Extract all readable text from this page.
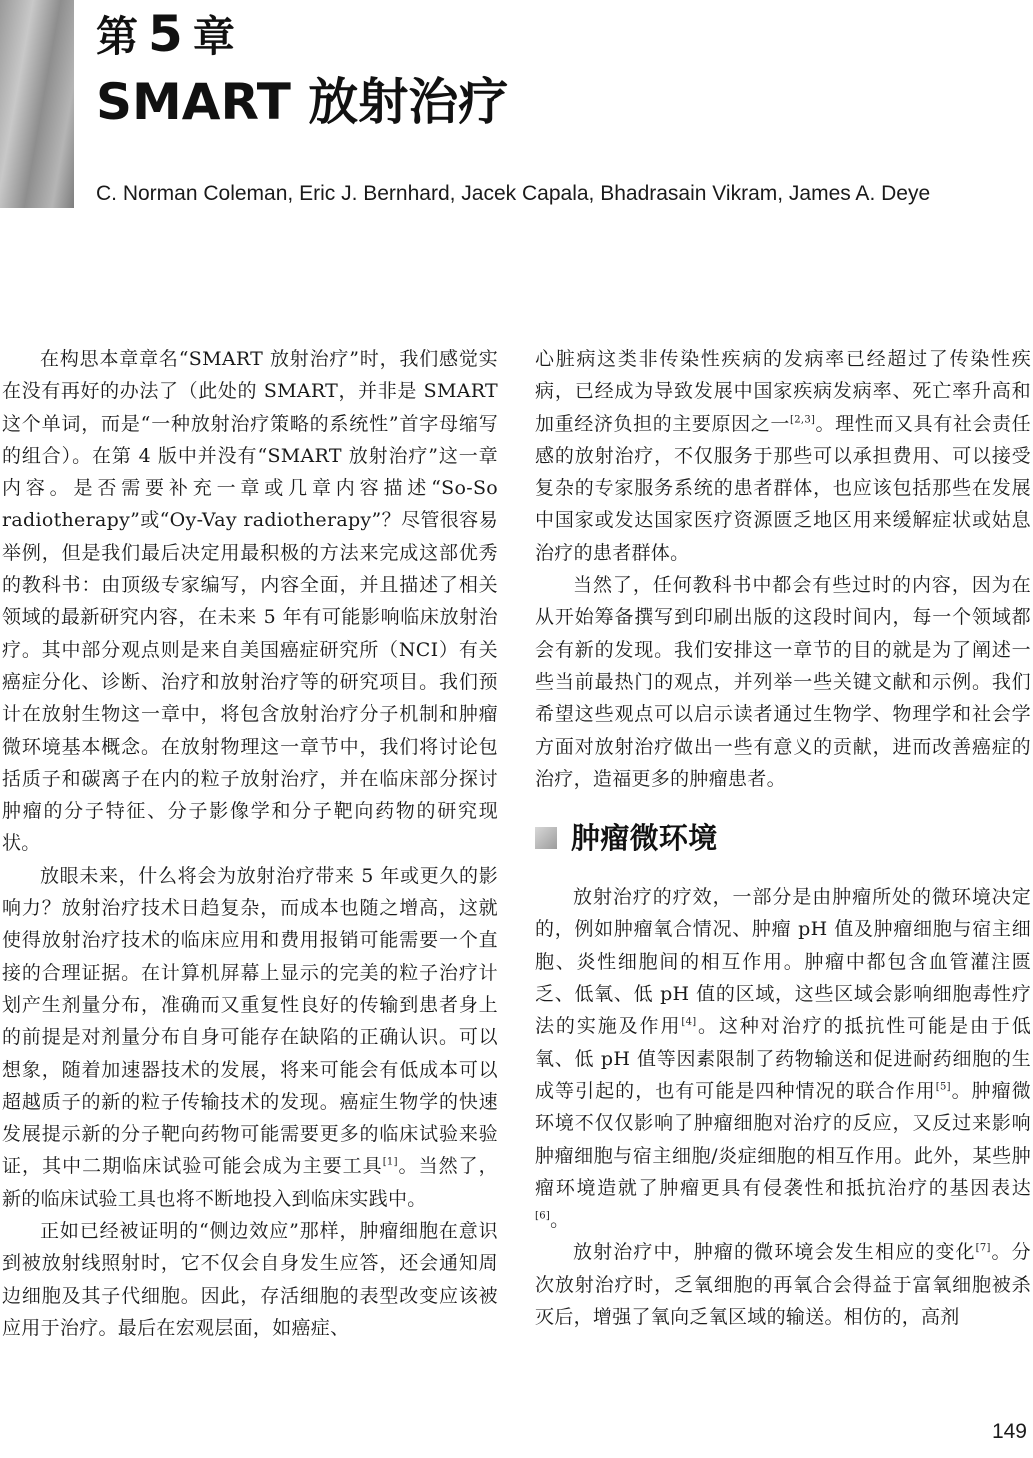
第 5 章
SMART 放射治疗
C. Norman Coleman, Eric J. Bernhard, Jacek Capala, Bhadrasain Vikram, James A. Deye

在构思本章章名“SMART 放射治疗”时，我们感觉实在没有再好的办法了（此处的 SMART，并非是 SMART 这个单词，而是“一种放射治疗策略的系统性”首字母缩写的组合）。在第 4 版中并没有“SMART 放射治疗”这一章内容。是否需要补充一章或几章内容描述“So-So radiotherapy”或“Oy-Vay radiotherapy”？尽管很容易举例，但是我们最后决定用最积极的方法来完成这部优秀的教科书：由顶级专家编写，内容全面，并且描述了相关领域的最新研究内容，在未来 5 年有可能影响临床放射治疗。其中部分观点则是来自美国癌症研究所（NCI）有关癌症分化、诊断、治疗和放射治疗等的研究项目。我们预计在放射生物这一章中，将包含放射治疗分子机制和肿瘤微环境基本概念。在放射物理这一章节中，我们将讨论包括质子和碳离子在内的粒子放射治疗，并在临床部分探讨肿瘤的分子特征、分子影像学和分子靶向药物的研究现状。

放眼未来，什么将会为放射治疗带来 5 年或更久的影响力？放射治疗技术日趋复杂，而成本也随之增高，这就使得放射治疗技术的临床应用和费用报销可能需要一个直接的合理证据。在计算机屏幕上显示的完美的粒子治疗计划产生剂量分布，准确而又重复性良好的传输到患者身上的前提是对剂量分布自身可能存在缺陷的正确认识。可以想象，随着加速器技术的发展，将来可能会有低成本可以超越质子的新的粒子传输技术的发现。癌症生物学的快速发展提示新的分子靶向药物可能需要更多的临床试验来验证，其中二期临床试验可能会成为主要工具[1]。当然了，新的临床试验工具也将不断地投入到临床实践中。

正如已经被证明的“侧边效应”那样，肿瘤细胞在意识到被放射线照射时，它不仅会自身发生应答，还会通知周边细胞及其子代细胞。因此，存活细胞的表型改变应该被应用于治疗。最后在宏观层面，如癌症、

心脏病这类非传染性疾病的发病率已经超过了传染性疾病，已经成为导致发展中国家疾病发病率、死亡率升高和加重经济负担的主要原因之一[2,3]。理性而又具有社会责任感的放射治疗，不仅服务于那些可以承担费用、可以接受复杂的专家服务系统的患者群体，也应该包括那些在发展中国家或发达国家医疗资源匮乏地区用来缓解症状或姑息治疗的患者群体。

当然了，任何教科书中都会有些过时的内容，因为在从开始筹备撰写到印刷出版的这段时间内，每一个领域都会有新的发现。我们安排这一章节的目的就是为了阐述一些当前最热门的观点，并列举一些关键文献和示例。我们希望这些观点可以启示读者通过生物学、物理学和社会学方面对放射治疗做出一些有意义的贡献，进而改善癌症的治疗，造福更多的肿瘤患者。

肿瘤微环境

放射治疗的疗效，一部分是由肿瘤所处的微环境决定的，例如肿瘤氧合情况、肿瘤 pH 值及肿瘤细胞与宿主细胞、炎性细胞间的相互作用。肿瘤中都包含血管灌注匮乏、低氧、低 pH 值的区域，这些区域会影响细胞毒性疗法的实施及作用[4]。这种对治疗的抵抗性可能是由于低氧、低 pH 值等因素限制了药物输送和促进耐药细胞的生成等引起的，也有可能是四种情况的联合作用[5]。肿瘤微环境不仅仅影响了肿瘤细胞对治疗的反应，又反过来影响肿瘤细胞与宿主细胞/炎症细胞的相互作用。此外，某些肿瘤环境造就了肿瘤更具有侵袭性和抵抗治疗的基因表达[6]。

放射治疗中，肿瘤的微环境会发生相应的变化[7]。分次放射治疗时，乏氧细胞的再氧合会得益于富氧细胞被杀灭后，增强了氧向乏氧区域的输送。相仿的，高剂

149
